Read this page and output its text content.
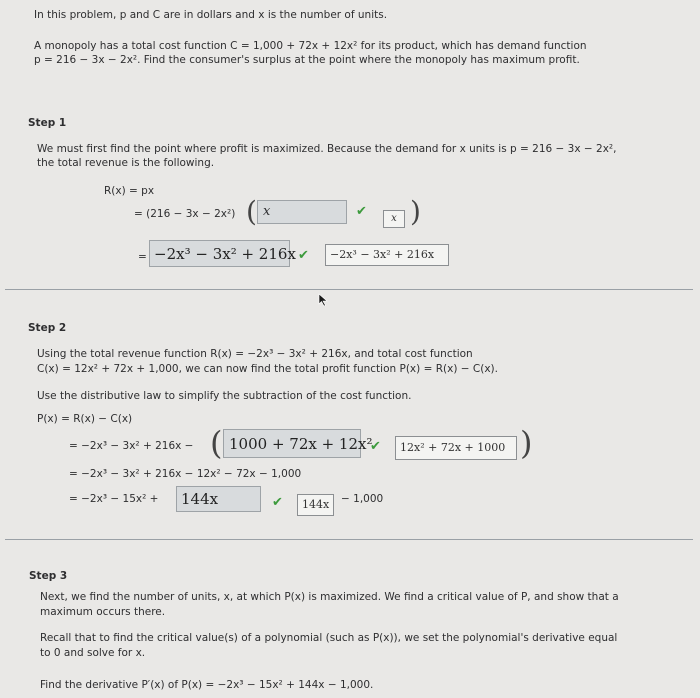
In this problem, p and C are in dollars and x is the number of units.
A monopoly has a total cost function C = 1,000 + 72x + 12x² for its product, which has demand function
p = 216 − 3x − 2x². Find the consumer's surplus at the point where the monopoly has maximum profit.
Step 1
We must first find the point where profit is maximized. Because the demand for x units is p = 216 − 3x − 2x²,
the total revenue is the following.
R(x) = px
= (216 − 3x − 2x²) ( x	✔	x )
= −2x³ − 3x² + 216x ✔	−2x³ − 3x² + 216x
Step 2
Using the total revenue function R(x) = −2x³ − 3x² + 216x, and total cost function
C(x) = 12x² + 72x + 1,000, we can now find the total profit function P(x) = R(x) − C(x).
Use the distributive law to simplify the subtraction of the cost function.
P(x) = R(x) − C(x)
= −2x³ − 3x² + 216x − ( 1000 + 72x + 12x²
✔	12x² + 72x + 1000 )
= −2x³ − 3x² + 216x − 12x² − 72x − 1,000
= −2x³ − 15x² + 144x	✔	144x	− 1,000
Step 3
Next, we find the number of units, x, at which P(x) is maximized. We find a critical value of P, and show that a
maximum occurs there.
Recall that to find the critical value(s) of a polynomial (such as P(x)), we set the polynomial's derivative equal
to 0 and solve for x.
Find the derivative P′(x) of P(x) = −2x³ − 15x² + 144x − 1,000.
